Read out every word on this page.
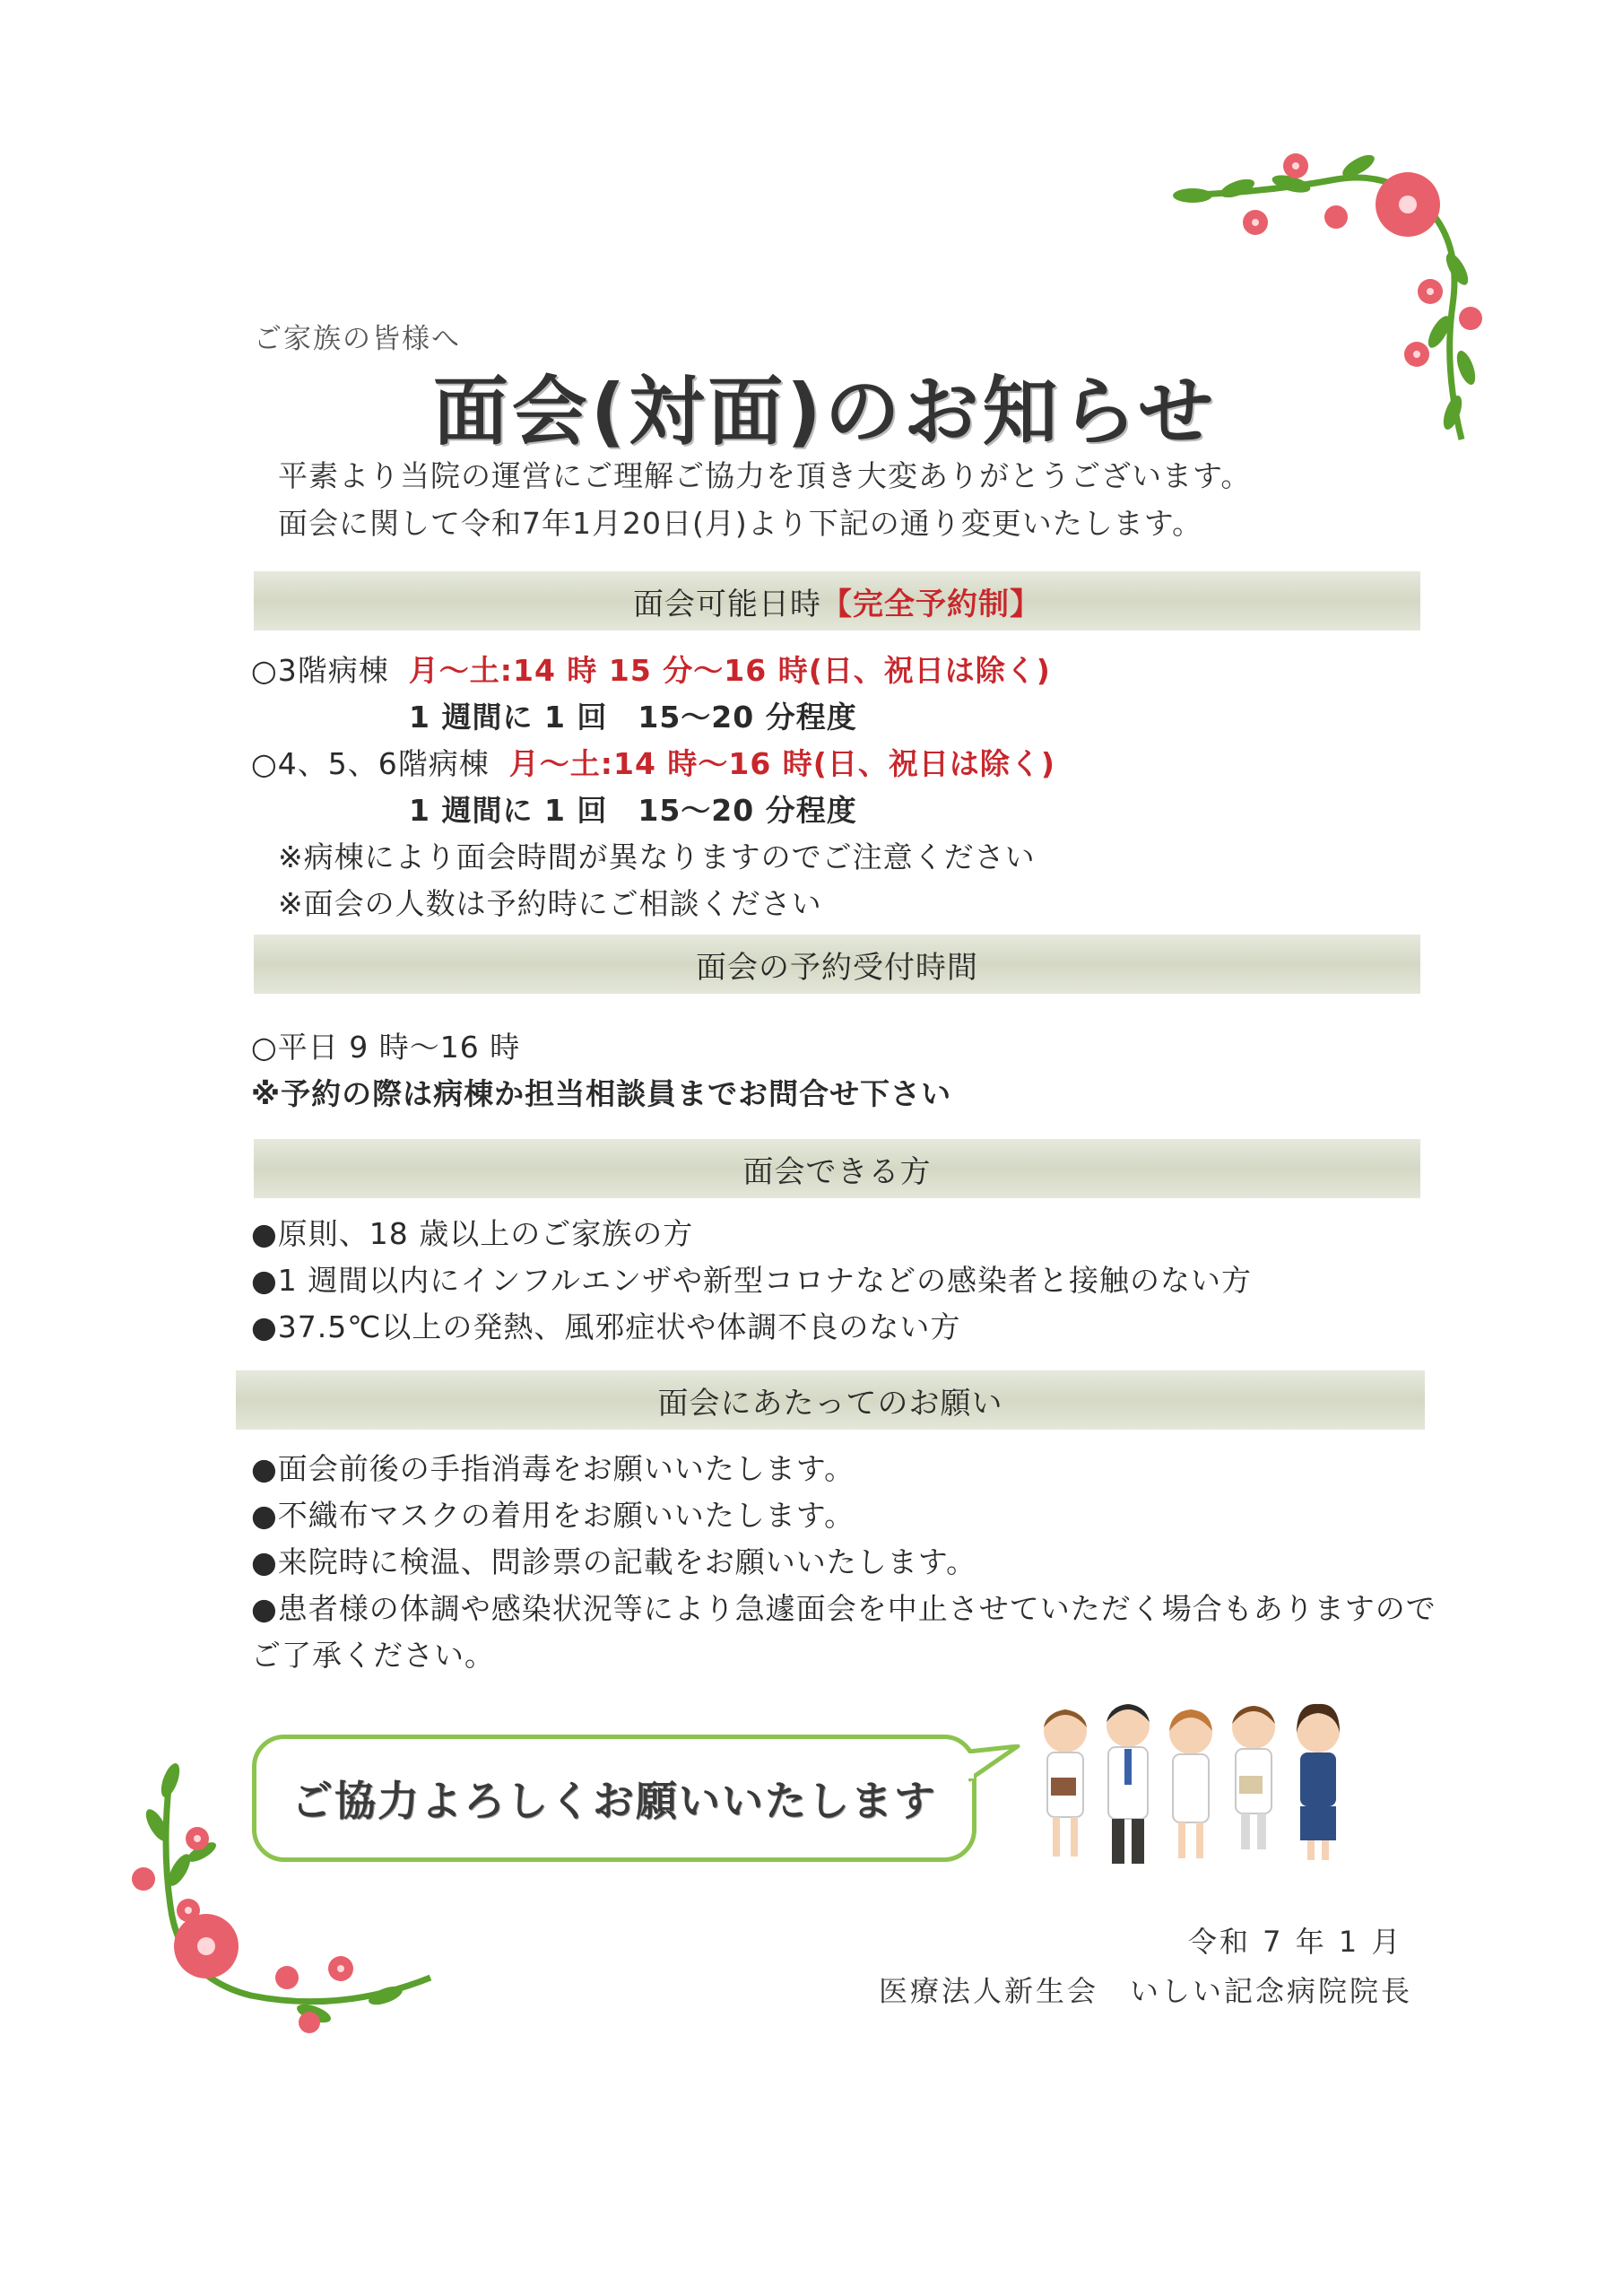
ご家族の皆様へ
面会(対面)のお知らせ
平素より当院の運営にご理解ご協力を頂き大変ありがとうございます。
面会に関して令和7年1月20日(月)より下記の通り変更いたします。
面会可能日時 【完全予約制】
○3階病棟 月～土:14 時 15 分～16 時(日、祝日は除く)
1 週間に 1 回　15～20 分程度
○4、5、6階病棟 月～土:14 時～16 時(日、祝日は除く)
1 週間に 1 回　15～20 分程度
※病棟により面会時間が異なりますのでご注意ください
※面会の人数は予約時にご相談ください
面会の予約受付時間
○平日 9 時～16 時
※予約の際は病棟か担当相談員までお問合せ下さい
面会できる方
●原則、18 歳以上のご家族の方
●1 週間以内にインフルエンザや新型コロナなどの感染者と接触のない方
●37.5℃以上の発熱、風邪症状や体調不良のない方
面会にあたってのお願い
●面会前後の手指消毒をお願いいたします。
●不織布マスクの着用をお願いいたします。
●来院時に検温、問診票の記載をお願いいたします。
●患者様の体調や感染状況等により急遽面会を中止させていただく場合もありますので
ご了承ください。
ご協力よろしくお願いいたします
令和 7 年 1 月
医療法人新生会　いしい記念病院院長
